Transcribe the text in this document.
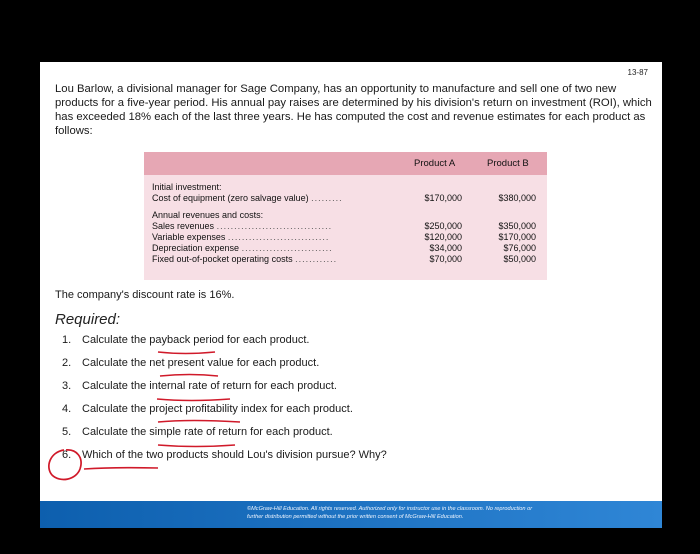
13-87

Lou Barlow, a divisional manager for Sage Company, has an opportunity to manufacture and sell one of two new products for a five-year period. His annual pay raises are determined by his division's return on investment (ROI), which has exceeded 18% each of the last three years. He has computed the cost and revenue estimates for each product as follows:

Product A	Product B
Initial investment:
Cost of equipment (zero salvage value) .........	$170,000	$380,000
Annual revenues and costs:
Sales revenues .................................	$250,000	$350,000
Variable expenses .............................	$120,000	$170,000
Depreciation expense ..........................	$34,000	$76,000
Fixed out-of-pocket operating costs ............	$70,000	$50,000
The company's discount rate is 16%.
Required:
1. Calculate the payback period for each product.
2. Calculate the net present value for each product.
3. Calculate the internal rate of return for each product.
4. Calculate the project profitability index for each product.
5. Calculate the simple rate of return for each product.
6. Which of the two products should Lou's division pursue? Why?
©McGraw-Hill Education. All rights reserved. Authorized only for instructor use in the classroom. No reproduction or
further distribution permitted without the prior written consent of McGraw-Hill Education.
